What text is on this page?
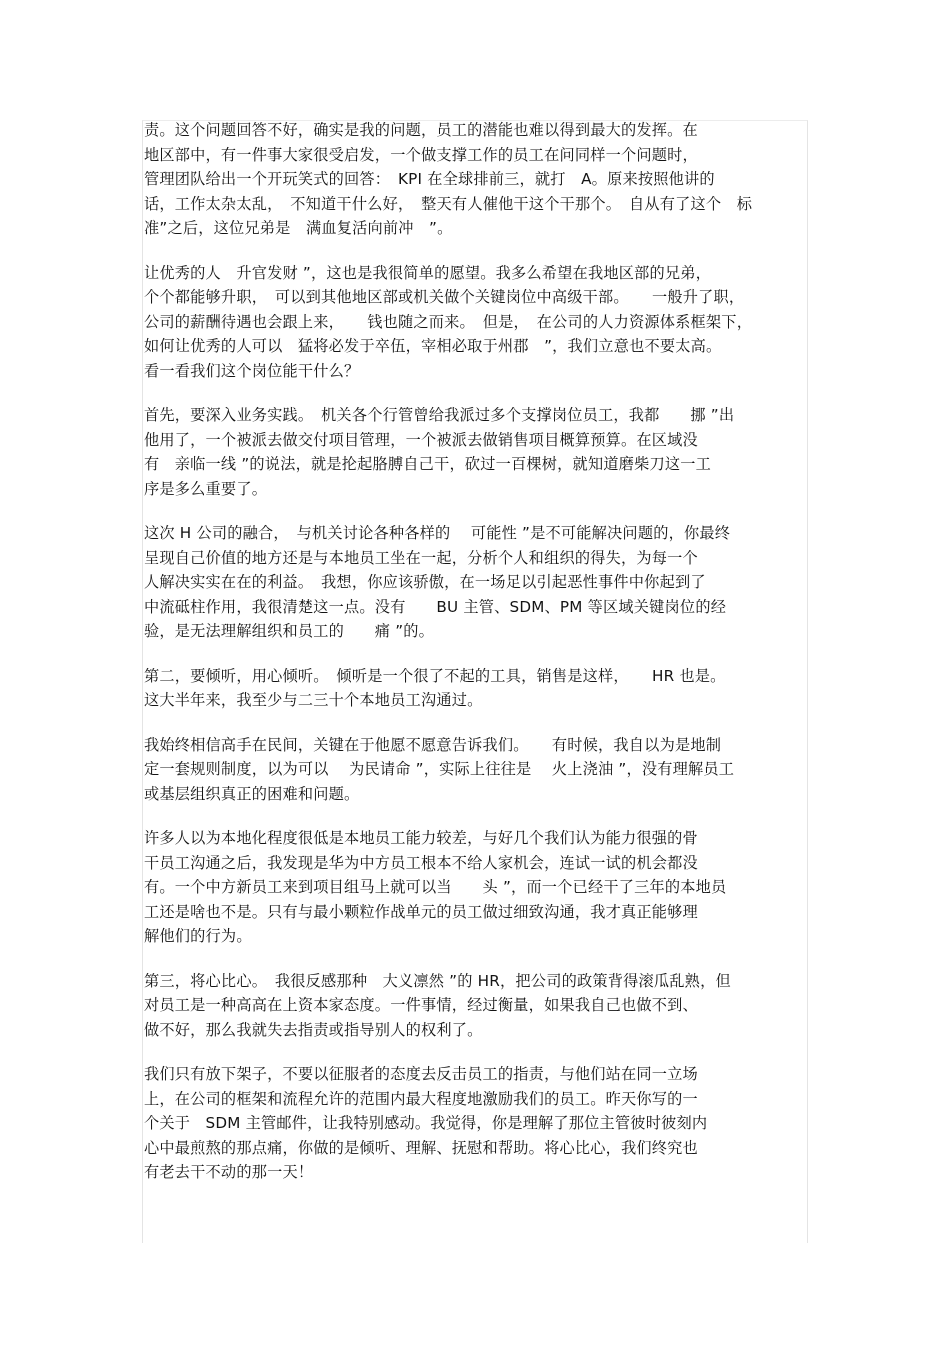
责。这个问题回答不好，确实是我的问题，员工的潜能也难以得到最大的发挥。在
地区部中，有一件事大家很受启发，一个做支撑工作的员工在问同样一个问题时，
管理团队给出一个开玩笑式的回答：　KPI 在全球排前三，就打　A。原来按照他讲的
话，工作太杂太乱，　不知道干什么好，　整天有人催他干这个干那个。　自从有了这个　标
准”之后，这位兄弟是　满血复活向前冲　”。
让优秀的人　升官发财 ”，这也是我很简单的愿望。我多么希望在我地区部的兄弟，
个个都能够升职，　可以到其他地区部或机关做个关键岗位中高级干部。　　一般升了职，
公司的薪酬待遇也会跟上来，　　钱也随之而来。　但是，　在公司的人力资源体系框架下，
如何让优秀的人可以　猛将必发于卒伍，宰相必取于州郡　”，我们立意也不要太高。
看一看我们这个岗位能干什么？
首先，要深入业务实践。　机关各个行管曾给我派过多个支撑岗位员工，我都　　挪 ”出
他用了，一个被派去做交付项目管理，一个被派去做销售项目概算预算。在区域没
有　亲临一线 ”的说法，就是抡起胳膊自己干，砍过一百棵树，就知道磨柴刀这一工
序是多么重要了。
这次 H 公司的融合，　与机关讨论各种各样的　 可能性 ”是不可能解决问题的，你最终
呈现自己价值的地方还是与本地员工坐在一起，分析个人和组织的得失，为每一个
人解决实实在在的利益。　我想，你应该骄傲，在一场足以引起恶性事件中你起到了
中流砥柱作用，我很清楚这一点。没有　　BU 主管、SDM、PM 等区域关键岗位的经
验，是无法理解组织和员工的　　痛 ”的。
第二，要倾听，用心倾听。　倾听是一个很了不起的工具，销售是这样，　　HR 也是。
这大半年来，我至少与二三十个本地员工沟通过。
我始终相信高手在民间，关键在于他愿不愿意告诉我们。　　有时候，我自以为是地制
定一套规则制度，以为可以　 为民请命 ”，实际上往往是　 火上浇油 ”，没有理解员工
或基层组织真正的困难和问题。
许多人以为本地化程度很低是本地员工能力较差，与好几个我们认为能力很强的骨
干员工沟通之后，我发现是华为中方员工根本不给人家机会，连试一试的机会都没
有。一个中方新员工来到项目组马上就可以当　　头 ”，而一个已经干了三年的本地员
工还是啥也不是。只有与最小颗粒作战单元的员工做过细致沟通，我才真正能够理
解他们的行为。
第三，将心比心。　我很反感那种　大义凛然 ”的 HR，把公司的政策背得滚瓜乱熟，但
对员工是一种高高在上资本家态度。一件事情，经过衡量，如果我自己也做不到、
做不好，那么我就失去指责或指导别人的权利了。
我们只有放下架子，不要以征服者的态度去反击员工的指责，与他们站在同一立场
上，在公司的框架和流程允许的范围内最大程度地激励我们的员工。昨天你写的一
个关于　SDM 主管邮件，让我特别感动。我觉得，你是理解了那位主管彼时彼刻内
心中最煎熬的那点痛，你做的是倾听、理解、抚慰和帮助。将心比心，我们终究也
有老去干不动的那一天！
